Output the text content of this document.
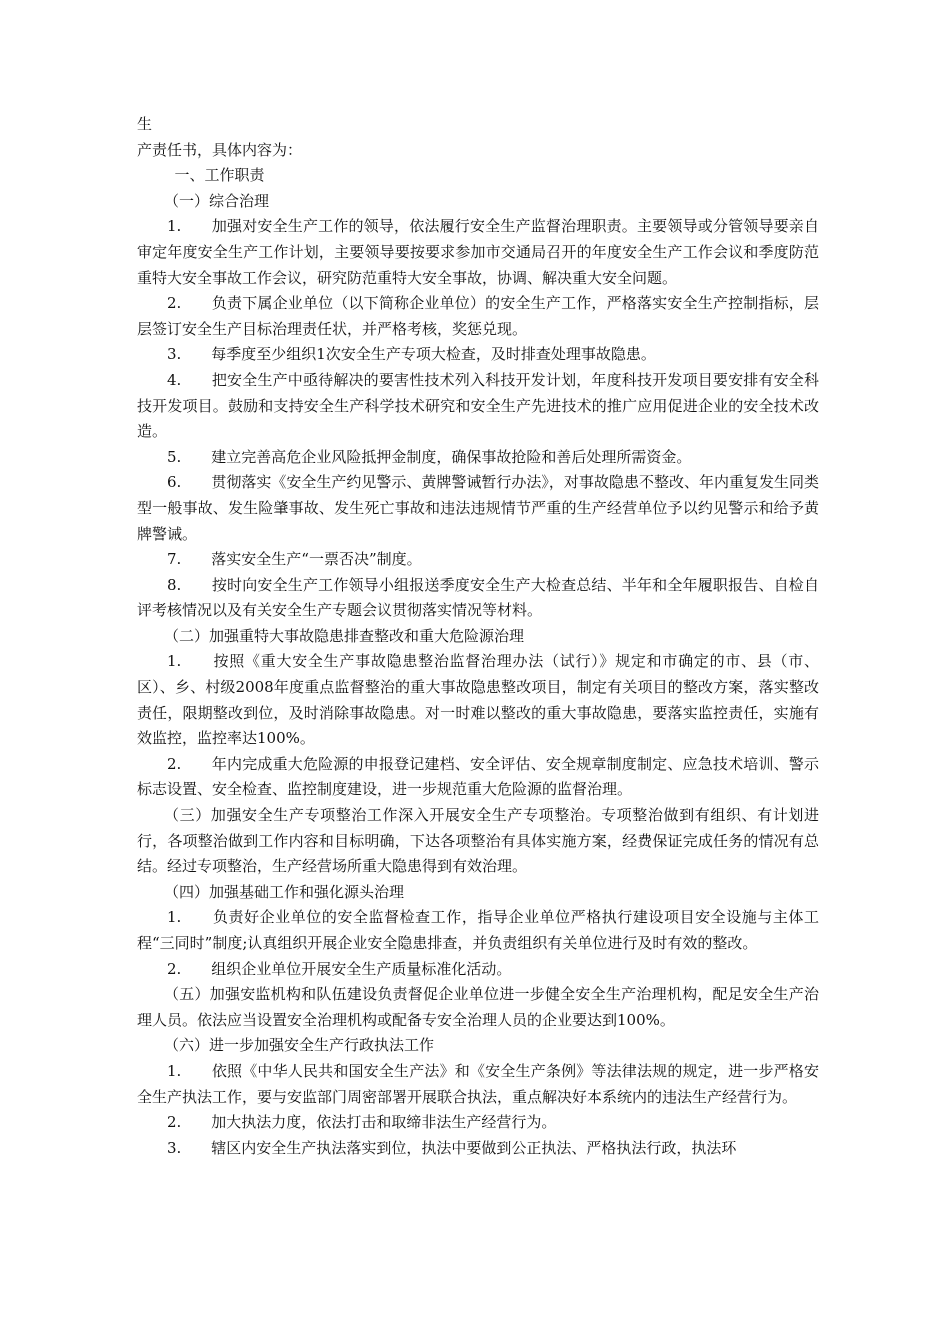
生

产责任书，具体内容为：

一、工作职责

（一）综合治理

1.　　加强对安全生产工作的领导，依法履行安全生产监督治理职责。主要领导或分管领导要亲自审定年度安全生产工作计划，主要领导要按要求参加市交通局召开的年度安全生产工作会议和季度防范重特大安全事故工作会议，研究防范重特大安全事故，协调、解决重大安全问题。

2.　　负责下属企业单位（以下简称企业单位）的安全生产工作，严格落实安全生产控制指标，层层签订安全生产目标治理责任状，并严格考核，奖惩兑现。

3.　　每季度至少组织1次安全生产专项大检查，及时排查处理事故隐患。

4.　　把安全生产中亟待解决的要害性技术列入科技开发计划，年度科技开发项目要安排有安全科技开发项目。鼓励和支持安全生产科学技术研究和安全生产先进技术的推广应用促进企业的安全技术改造。

5.　　建立完善高危企业风险抵押金制度，确保事故抢险和善后处理所需资金。

6.　　贯彻落实《安全生产约见警示、黄牌警诫暂行办法》，对事故隐患不整改、年内重复发生同类型一般事故、发生险肇事故、发生死亡事故和违法违规情节严重的生产经营单位予以约见警示和给予黄牌警诫。

7.　　落实安全生产“一票否决”制度。

8.　　按时向安全生产工作领导小组报送季度安全生产大检查总结、半年和全年履职报告、自检自评考核情况以及有关安全生产专题会议贯彻落实情况等材料。

（二）加强重特大事故隐患排查整改和重大危险源治理

1.　　按照《重大安全生产事故隐患整治监督治理办法（试行）》规定和市确定的市、县（市、区）、乡、村级2008年度重点监督整治的重大事故隐患整改项目，制定有关项目的整改方案，落实整改责任，限期整改到位，及时消除事故隐患。对一时难以整改的重大事故隐患，要落实监控责任，实施有效监控，监控率达100%。

2.　　年内完成重大危险源的申报登记建档、安全评估、安全规章制度制定、应急技术培训、警示标志设置、安全检查、监控制度建设，进一步规范重大危险源的监督治理。

（三）加强安全生产专项整治工作深入开展安全生产专项整治。专项整治做到有组织、有计划进行，各项整治做到工作内容和目标明确，下达各项整治有具体实施方案，经费保证完成任务的情况有总结。经过专项整治，生产经营场所重大隐患得到有效治理。

（四）加强基础工作和强化源头治理

1.　　负责好企业单位的安全监督检查工作，指导企业单位严格执行建设项目安全设施与主体工程“三同时”制度;认真组织开展企业安全隐患排查，并负责组织有关单位进行及时有效的整改。

2.　　组织企业单位开展安全生产质量标准化活动。

（五）加强安监机构和队伍建设负责督促企业单位进一步健全安全生产治理机构，配足安全生产治理人员。依法应当设置安全治理机构或配备专安全治理人员的企业要达到100%。

（六）进一步加强安全生产行政执法工作

1.　　依照《中华人民共和国安全生产法》和《安全生产条例》等法律法规的规定，进一步严格安全生产执法工作，要与安监部门周密部署开展联合执法，重点解决好本系统内的违法生产经营行为。

2.　　加大执法力度，依法打击和取缔非法生产经营行为。

3.　　辖区内安全生产执法落实到位，执法中要做到公正执法、严格执法行政，执法环
